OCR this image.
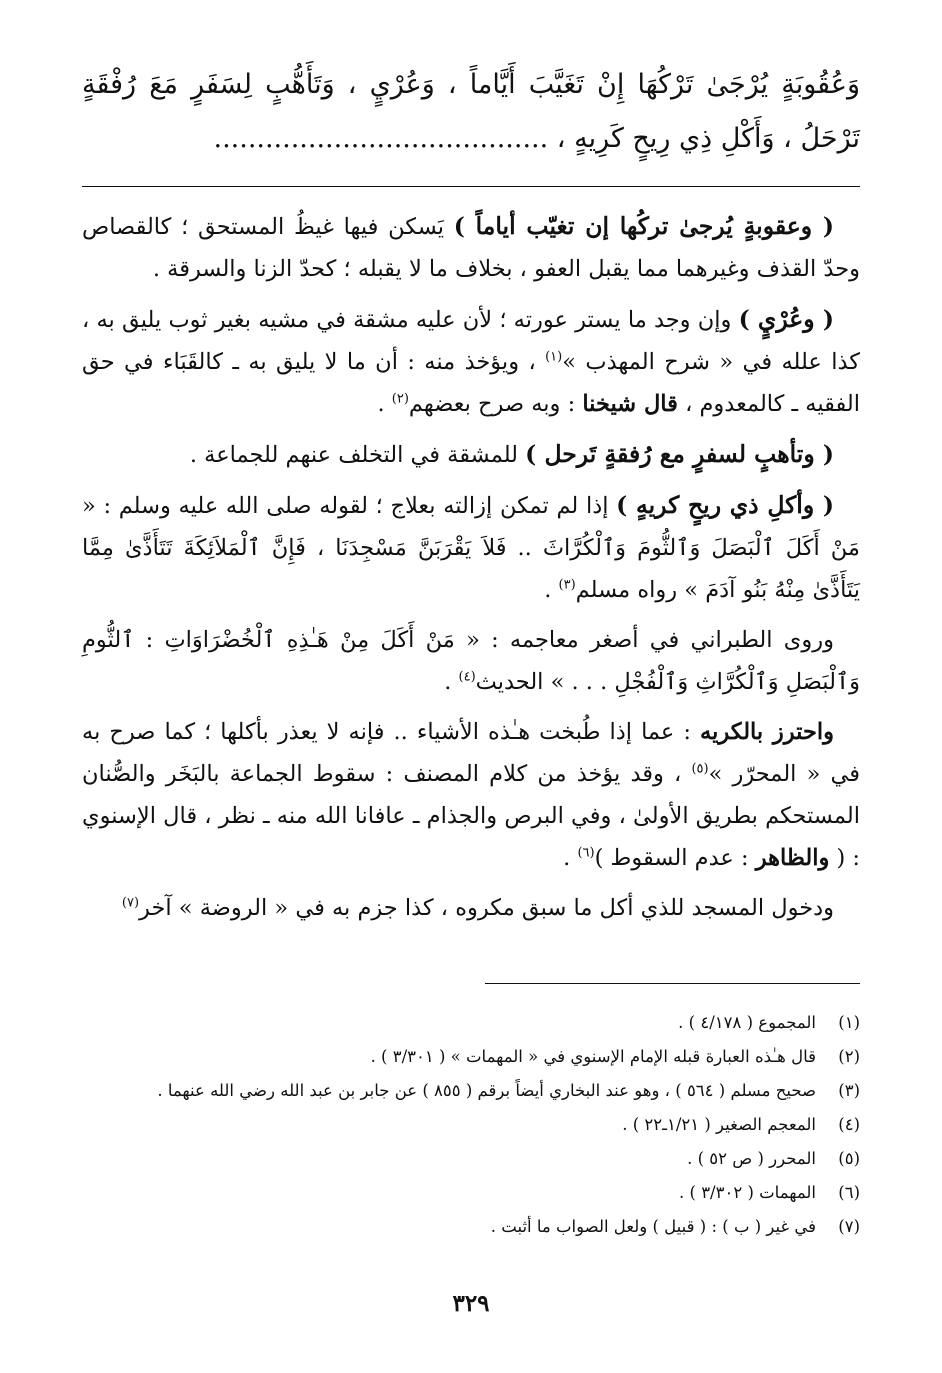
وَعُقُوبَةٍ يُرْجَىٰ تَرْكُهَا إِنْ تَغَيَّبَ أَيَّاماً ، وَعُرْيٍ ، وَتَأَهُّبٍ لِسَفَرٍ مَعَ رُفْقَةٍ تَرْحَلُ ، وَأَكْلِ ذِي رِيحٍ كَرِيهٍ ، .......................................

( وعقوبةٍ يُرجىٰ تركُها إن تغيّب أياماً ) يَسكن فيها غيظُ المستحق ؛ كالقصاص وحدّ القذف وغيرهما مما يقبل العفو ، بخلاف ما لا يقبله ؛ كحدّ الزنا والسرقة .

( وعُرْيٍ ) وإن وجد ما يستر عورته ؛ لأن عليه مشقة في مشيه بغير ثوب يليق به ، كذا علله في « شرح المهذب »$^{(١)}$ ، ويؤخذ منه : أن ما لا يليق به ـ كالقَبَاء في حق الفقيه ـ كالمعدوم ، قال شيخنا : وبه صرح بعضهم$^{(٢)}$ .

( وتأهبٍ لسفرٍ مع رُفقةٍ تَرحل ) للمشقة في التخلف عنهم للجماعة .

( وأكلِ ذي ريحٍ كريهٍ ) إذا لم تمكن إزالته بعلاج ؛ لقوله صلى الله عليه وسلم : « مَنْ أَكَلَ ٱلْبَصَلَ وَٱلثُّومَ وَٱلْكُرَّاثَ .. فَلاَ يَقْرَبَنَّ مَسْجِدَنَا ، فَإِنَّ ٱلْمَلاَئِكَةَ تَتَأَذَّىٰ مِمَّا يَتَأَذَّىٰ مِنْهُ بَنُو آدَمَ » رواه مسلم$^{(٣)}$ .

وروى الطبراني في أصغر معاجمه : « مَنْ أَكَلَ مِنْ هَـٰذِهِ ٱلْخُضْرَاوَاتِ : ٱلثُّومِ وَٱلْبَصَلِ وَٱلْكُرَّاثِ وَٱلْفُجْلِ . . . » الحديث$^{(٤)}$ .

واحترز بالكريه : عما إذا طُبخت هـٰذه الأشياء .. فإنه لا يعذر بأكلها ؛ كما صرح به في « المحرّر »$^{(٥)}$ ، وقد يؤخذ من كلام المصنف : سقوط الجماعة بالبَخَر والصُّنان المستحكم بطريق الأولىٰ ، وفي البرص والجذام ـ عافانا الله منه ـ نظر ، قال الإسنوي : ( والظاهر : عدم السقوط )$^{(٦)}$ .

ودخول المسجد للذي أكل ما سبق مكروه ، كذا جزم به في « الروضة » آخر$^{(٧)}$

(١)
المجموع ( ٤/١٧٨ ) .
(٢)
قال هـٰذه العبارة قبله الإمام الإسنوي في « المهمات » ( ٣/٣٠١ ) .
(٣)
صحيح مسلم ( ٥٦٤ ) ، وهو عند البخاري أيضاً برقم ( ٨٥٥ ) عن جابر بن عبد الله رضي الله عنهما .
(٤)
المعجم الصغير ( ١/٢١ـ٢٢ ) .
(٥)
المحرر ( ص ٥٢ ) .
(٦)
المهمات ( ٣/٣٠٢ ) .
(٧)
في غير ( ب ) : ( قبيل ) ولعل الصواب ما أثبت .
٣٢٩
